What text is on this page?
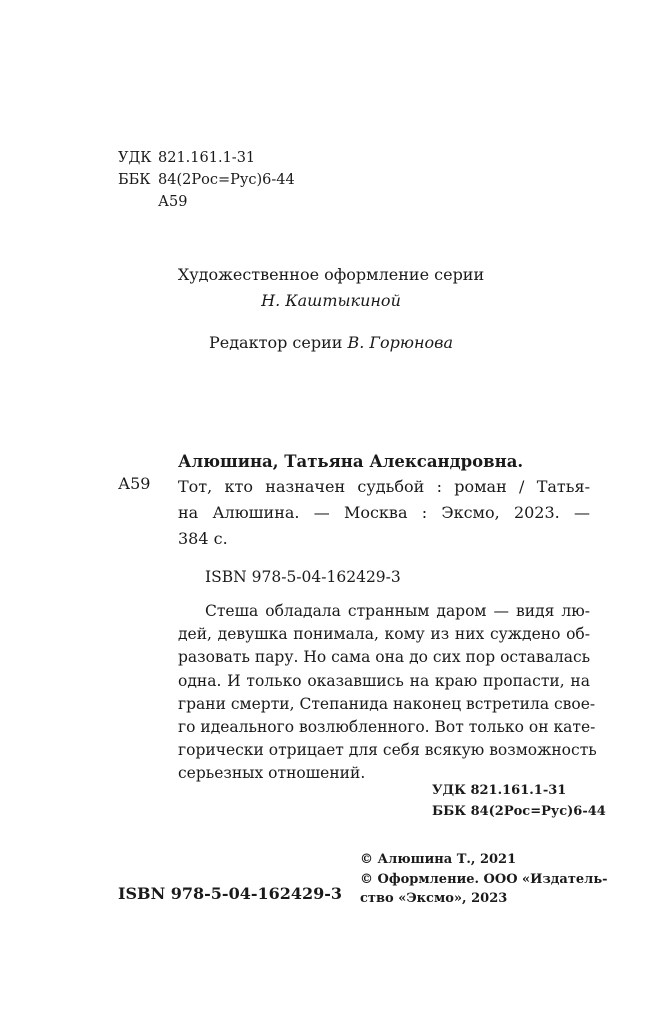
УДК 821.161.1-31
ББК 84(2Рос=Рус)6-44
А59
Художественное оформление серии
Н. Каштыкиной
Редактор серии В. Горюнова
Алюшина, Татьяна Александровна.
А59 Тот, кто назначен судьбой : роман / Татья-
на Алюшина. — Москва : Эксмо, 2023. —
384 с.
ISBN 978-5-04-162429-3
Стеша обладала странным даром — видя лю-
дей, девушка понимала, кому из них суждено об-
разовать пару. Но сама она до сих пор оставалась
одна. И только оказавшись на краю пропасти, на
грани смерти, Степанида наконец встретила свое-
го идеального возлюбленного. Вот только он кате-
горически отрицает для себя всякую возможность
серьезных отношений.
УДК 821.161.1-31
ББК 84(2Рос=Рус)6-44
© Алюшина Т., 2021
© Оформление. ООО «Издатель-
ство «Эксмо», 2023
ISBN 978-5-04-162429-3
